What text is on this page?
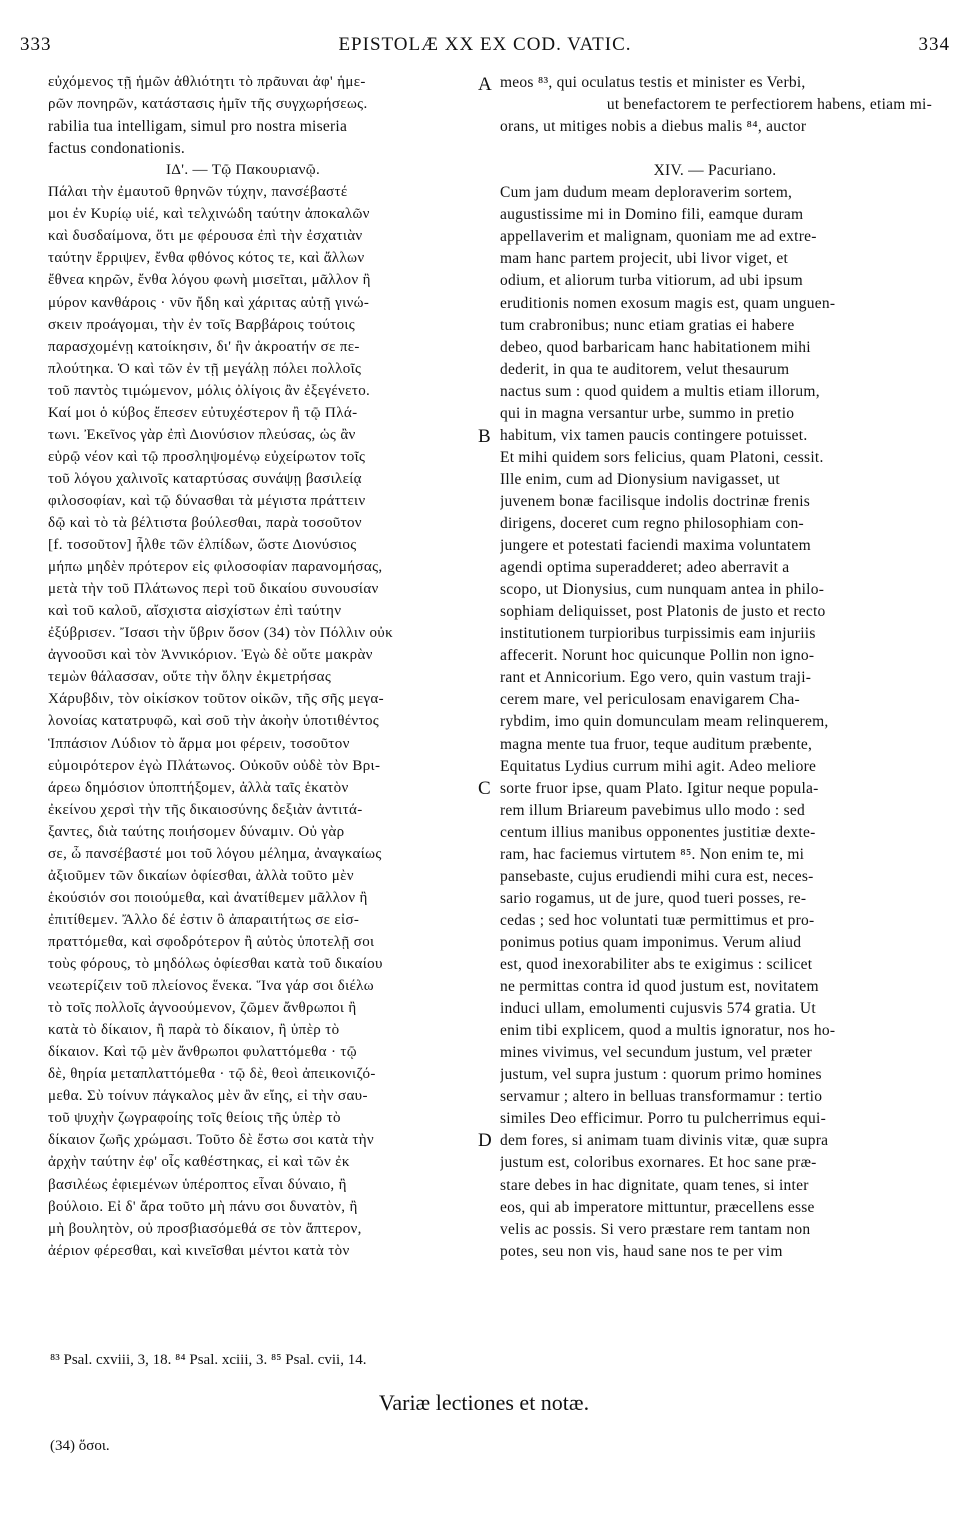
333	EPISTOLÆ XX EX COD. VATIC.	334
εὐχόμενος τῇ ἡμῶν ἀθλιότητι τὸ πρᾶυναι ἀφ' ἡμε-
ρῶν πονηρῶν, κατάστασις ἡμῖν τῆς συγχωρήσεως.
rabilia tua intelligam, simul pro nostra miseria
factus condonationis.
ΙΔ'. — Τῷ Πακουριανῷ.
Πάλαι τὴν ἐμαυτοῦ θρηνῶν τύχην, πανσέβαστέ
μοι ἐν Κυρίῳ υἱέ, καὶ τελχινώδη ταύτην ἀποκαλῶν
καὶ δυσδαίμονα, ὅτι με φέρουσα ἐπὶ τὴν ἐσχατιὰν
ταύτην ἔρριψεν, ἔνθα φθόνος κότος τε, καὶ ἄλλων
ἔθνεα κηρῶν, ἔνθα λόγου φωνὴ μισεῖται, μᾶλλον ἢ
μύρον κανθάροις · νῦν ἤδη καὶ χάριτας αὐτῇ γινώ-
σκειν προάγομαι, τὴν ἐν τοῖς Βαρβάροις τούτοις
παρασχομένῃ κατοίκησιν, δι' ἣν ἀκροατήν σε πε-
πλούτηκα. Ὁ καὶ τῶν ἐν τῇ μεγάλῃ πόλει πολλοῖς
τοῦ παντὸς τιμώμενον, μόλις ὀλίγοις ἂν ἐξεγένετο.
Καί μοι ὁ κύβος ἔπεσεν εὐτυχέστερον ἢ τῷ Πλά-
τωνι. Ἐκεῖνος γὰρ ἐπὶ Διονύσιον πλεύσας, ὡς ἂν
εὑρῷ νέον καὶ τῷ προσληψομένῳ εὐχείρωτον τοῖς
τοῦ λόγου χαλινοῖς καταρτύσας συνάψῃ βασιλείᾳ
φιλοσοφίαν, καὶ τῷ δύνασθαι τὰ μέγιστα πράττειν
δῷ καὶ τὸ τὰ βέλτιστα βούλεσθαι, παρὰ τοσοῦτον
[f. τοσοῦτον] ἦλθε τῶν ἐλπίδων, ὥστε Διονύσιος
μήπω μηδὲν πρότερον εἰς φιλοσοφίαν παρανομήσας,
μετὰ τὴν τοῦ Πλάτωνος περὶ τοῦ δικαίου συνουσίαν
καὶ τοῦ καλοῦ, αἴσχιστα αἰσχίστων ἐπὶ ταύτην
ἐξύβρισεν. Ἴσασι τὴν ὕβριν ὅσον (34) τὸν Πόλλιν οὐκ
ἀγνοοῦσι καὶ τὸν Ἀννικόριον. Ἐγὼ δὲ οὔτε μακρὰν
τεμὼν θάλασσαν, οὔτε τὴν ὅλην ἐκμετρήσας
Χάρυβδιν, τὸν οἰκίσκον τοῦτον οἰκῶν, τῆς σῆς μεγα-
λονοίας κατατρυφῶ, καὶ σοῦ τὴν ἀκοὴν ὑποτιθέντος
Ἱππάσιον Λύδιον τὸ ἅρμα μοι φέρειν, τοσοῦτον
εὐμοιρότερον ἐγὼ Πλάτωνος. Οὐκοῦν οὐδὲ τὸν Βρι-
άρεω δημόσιον ὑποπτήξομεν, ἀλλὰ ταῖς ἑκατὸν
ἐκείνου χερσὶ τὴν τῆς δικαιοσύνης δεξιὰν ἀντιτά-
ξαντες, διὰ ταύτης ποιήσομεν δύναμιν. Οὐ γὰρ
σε, ὦ πανσέβαστέ μοι τοῦ λόγου μέλημα, ἀναγκαίως
ἀξιοῦμεν τῶν δικαίων ὀφίεσθαι, ἀλλὰ τοῦτο μὲν
ἑκούσιόν σοι ποιούμεθα, καὶ ἀνατίθεμεν μᾶλλον ἢ
ἐπιτίθεμεν. Ἄλλο δέ ἐστιν ὃ ἀπαραιτήτως σε εἰσ-
πραττόμεθα, καὶ σφοδρότερον ἢ αὐτὸς ὑποτελῇ σοι
τοὺς φόρους, τὸ μηδόλως ὀφίεσθαι κατὰ τοῦ δικαίου
νεωτερίζειν τοῦ πλείονος ἕνεκα. Ἵνα γάρ σοι διέλω
τὸ τοῖς πολλοῖς ἀγνοούμενον, ζῶμεν ἄνθρωποι ἢ
κατὰ τὸ δίκαιον, ἢ παρὰ τὸ δίκαιον, ἢ ὑπὲρ τὸ
δίκαιον. Καὶ τῷ μὲν ἄνθρωποι φυλαττόμεθα · τῷ
δὲ, θηρία μεταπλαττόμεθα · τῷ δὲ, θεοὶ ἀπεικονιζό-
μεθα. Σὺ τοίνυν πάγκαλος μὲν ἂν εἴης, εἰ τὴν σαυ-
τοῦ ψυχὴν ζωγραφοίης τοῖς θείοις τῆς ὑπὲρ τὸ
δίκαιον ζωῆς χρώμασι. Τοῦτο δὲ ἔστω σοι κατὰ τὴν
ἀρχὴν ταύτην ἐφ' οἷς καθέστηκας, εἰ καὶ τῶν ἐκ
βασιλέως ἐφιεμένων ὑπέροπτος εἶναι δύναιο, ἢ
βούλοιο. Εἰ δ' ἄρα τοῦτο μὴ πάνυ σοι δυνατὸν, ἢ
μὴ βουλητὸν, οὐ προσβιασόμεθά σε τὸν ἄπτερον,
ἀέριον φέρεσθαι, καὶ κινεῖσθαι μέντοι κατὰ τὸν
meos ⁸³, qui oculatus testis et minister es Verbi,
ut benefactorem te perfectiorem habens, etiam mi-
orans, ut mitiges nobis a diebus malis ⁸⁴, auctor
XIV. — Pacuriano.
Cum jam dudum meam deploraverim sortem,
augustissime mi in Domino fili, eamque duram
appellaverim et malignam, quoniam me ad extre-
mam hanc partem projecit, ubi livor viget, et
odium, et aliorum turba vitiorum, ad ubi ipsum
eruditionis nomen exosum magis est, quam unguen-
tum crabronibus; nunc etiam gratias ei habere
debeo, quod barbaricam hanc habitationem mihi
dederit, in qua te auditorem, velut thesaurum
nactus sum : quod quidem a multis etiam illorum,
qui in magna versantur urbe, summo in pretio
habitum, vix tamen paucis contingere potuisset.
Et mihi quidem sors felicius, quam Platoni, cessit.
Ille enim, cum ad Dionysium navigasset, ut
juvenem bonæ facilisque indolis doctrinæ frenis
dirigens, doceret cum regno philosophiam con-
jungere et potestati faciendi maxima voluntatem
agendi optima superadderet; adeo aberravit a
scopo, ut Dionysius, cum nunquam antea in philo-
sophiam deliquisset, post Platonis de justo et recto
institutionem turpioribus turpissimis eam injuriis
affecerit. Norunt hoc quicunque Pollin non igno-
rant et Annicorium. Ego vero, quin vastum traji-
cerem mare, vel periculosam enavigarem Cha-
rybdim, imo quin domunculam meam relinquerem,
magna mente tua fruor, teque auditum præbente,
Equitatus Lydius currum mihi agit. Adeo meliore
sorte fruor ipse, quam Plato. Igitur neque popula-
rem illum Briareum pavebimus ullo modo : sed
centum illius manibus opponentes justitiæ dexte-
ram, hac faciemus virtutem ⁸⁵. Non enim te, mi
pansebaste, cujus erudiendi mihi cura est, neces-
sario rogamus, ut de jure, quod tueri posses, re-
cedas ; sed hoc voluntati tuæ permittimus et pro-
ponimus potius quam imponimus. Verum aliud
est, quod inexorabiliter abs te exigimus : scilicet
ne permittas contra id quod justum est, novitatem
induci ullam, emolumenti cujusvis 574 gratia. Ut
enim tibi explicem, quod a multis ignoratur, nos ho-
mines vivimus, vel secundum justum, vel præter
justum, vel supra justum : quorum primo homines
servamur ; altero in belluas transformamur : tertio
similes Deo efficimur. Porro tu pulcherrimus equi-
dem fores, si animam tuam divinis vitæ, quæ supra
justum est, coloribus exornares. Et hoc sane præ-
stare debes in hac dignitate, quam tenes, si inter
eos, qui ab imperatore mittuntur, præcellens esse
velis ac possis. Si vero præstare rem tantam non
potes, seu non vis, haud sane nos te per vim
A
B
C
D
⁸³ Psal. cxviii, 3, 18. ⁸⁴ Psal. xciii, 3. ⁸⁵ Psal. cvii, 14.
Variæ lectiones et notæ.
(34) ὅσοι.
